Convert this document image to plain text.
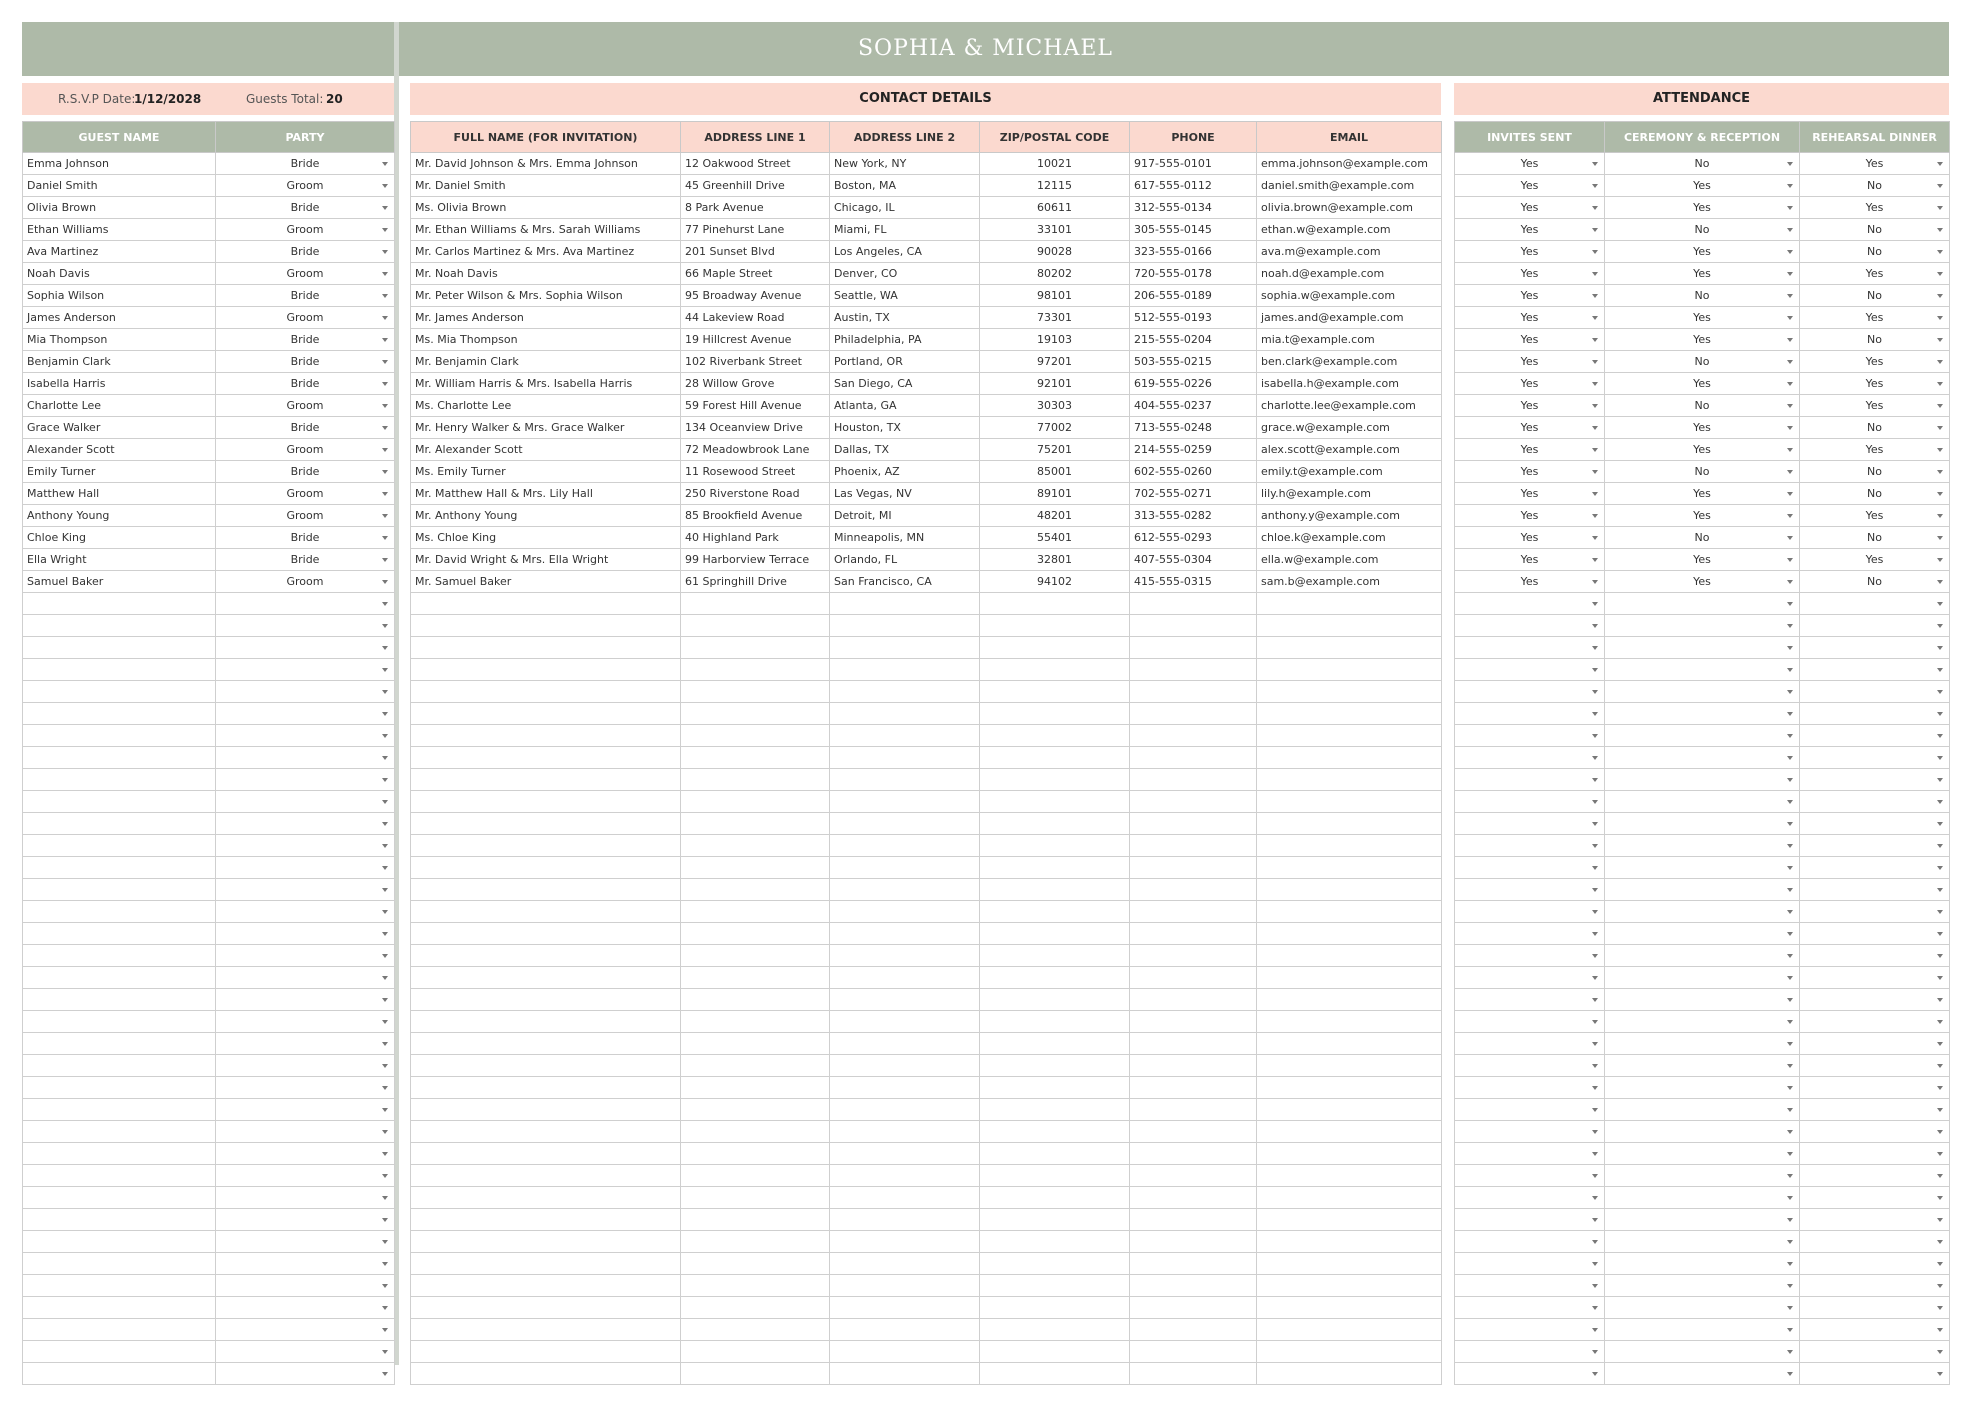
SOPHIA & MICHAEL
R.S.V.P Date:
1/12/2028	Guests Total: 20	CONTACT DETAILS	ATTENDANCE
GUEST NAME	PARTY
Emma Johnson	Bride

Daniel Smith	Groom

Olivia Brown	Bride

Ethan Williams	Groom

Ava Martinez	Bride

Noah Davis	Groom

Sophia Wilson	Bride

James Anderson	Groom

Mia Thompson	Bride

Benjamin Clark	Bride

Isabella Harris	Bride

Charlotte Lee	Groom

Grace Walker	Bride

Alexander Scott	Groom

Emily Turner	Bride

Matthew Hall	Groom

Anthony Young	Groom

Chloe King	Bride

Ella Wright	Bride

Samuel Baker	Groom

FULL NAME (FOR INVITATION)	ADDRESS LINE 1	ADDRESS LINE 2	ZIP/POSTAL CODE	PHONE	EMAIL
Mr. David Johnson & Mrs. Emma Johnson	12 Oakwood Street	New York, NY	10021	917-555-0101	emma.johnson@example.com
Mr. Daniel Smith	45 Greenhill Drive	Boston, MA	12115	617-555-0112	daniel.smith@example.com
Ms. Olivia Brown	8 Park Avenue	Chicago, IL	60611	312-555-0134	olivia.brown@example.com
Mr. Ethan Williams & Mrs. Sarah Williams	77 Pinehurst Lane	Miami, FL	33101	305-555-0145	ethan.w@example.com
Mr. Carlos Martinez & Mrs. Ava Martinez	201 Sunset Blvd	Los Angeles, CA	90028	323-555-0166	ava.m@example.com
Mr. Noah Davis	66 Maple Street	Denver, CO	80202	720-555-0178	noah.d@example.com
Mr. Peter Wilson & Mrs. Sophia Wilson	95 Broadway Avenue	Seattle, WA	98101	206-555-0189	sophia.w@example.com
Mr. James Anderson	44 Lakeview Road	Austin, TX	73301	512-555-0193	james.and@example.com
Ms. Mia Thompson	19 Hillcrest Avenue	Philadelphia, PA	19103	215-555-0204	mia.t@example.com
Mr. Benjamin Clark	102 Riverbank Street	Portland, OR	97201	503-555-0215	ben.clark@example.com
Mr. William Harris & Mrs. Isabella Harris	28 Willow Grove	San Diego, CA	92101	619-555-0226	isabella.h@example.com
Ms. Charlotte Lee	59 Forest Hill Avenue	Atlanta, GA	30303	404-555-0237	charlotte.lee@example.com
Mr. Henry Walker & Mrs. Grace Walker	134 Oceanview Drive	Houston, TX	77002	713-555-0248	grace.w@example.com
Mr. Alexander Scott	72 Meadowbrook Lane	Dallas, TX	75201	214-555-0259	alex.scott@example.com
Ms. Emily Turner	11 Rosewood Street	Phoenix, AZ	85001	602-555-0260	emily.t@example.com
Mr. Matthew Hall & Mrs. Lily Hall	250 Riverstone Road	Las Vegas, NV	89101	702-555-0271	lily.h@example.com
Mr. Anthony Young	85 Brookfield Avenue	Detroit, MI	48201	313-555-0282	anthony.y@example.com
Ms. Chloe King	40 Highland Park	Minneapolis, MN	55401	612-555-0293	chloe.k@example.com
Mr. David Wright & Mrs. Ella Wright	99 Harborview Terrace	Orlando, FL	32801	407-555-0304	ella.w@example.com
Mr. Samuel Baker	61 Springhill Drive	San Francisco, CA	94102	415-555-0315	sam.b@example.com

INVITES SENT	CEREMONY & RECEPTION	REHEARSAL DINNER
Yes	No	Yes

Yes	Yes	No

Yes	Yes	Yes

Yes	No	No

Yes	Yes	No

Yes	Yes	Yes

Yes	No	No

Yes	Yes	Yes

Yes	Yes	No

Yes	No	Yes

Yes	Yes	Yes

Yes	No	Yes

Yes	Yes	No

Yes	Yes	Yes

Yes	No	No

Yes	Yes	No

Yes	Yes	Yes

Yes	No	No

Yes	Yes	Yes

Yes	Yes	No
